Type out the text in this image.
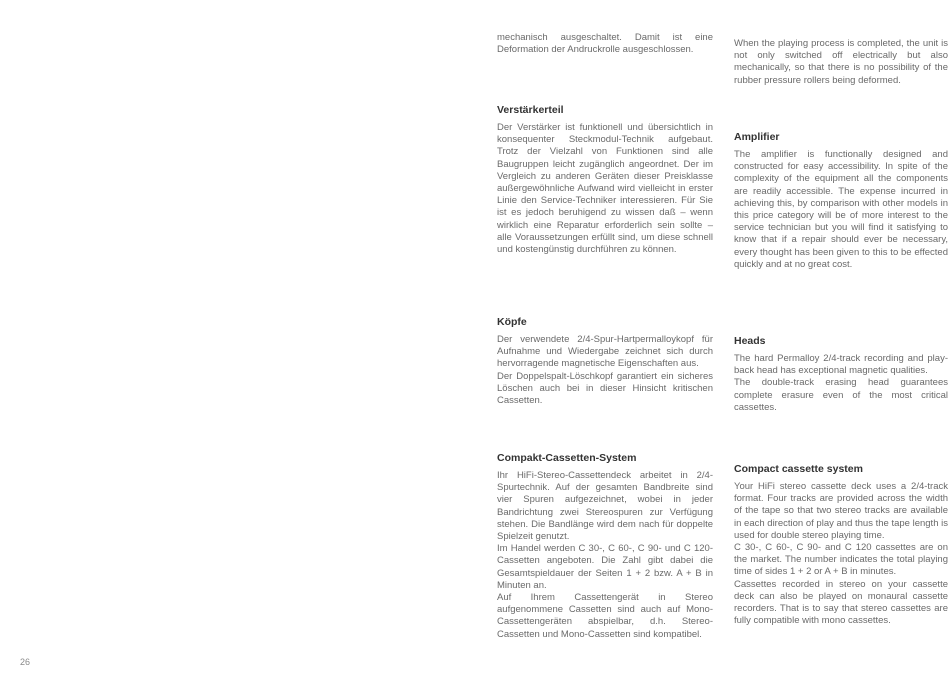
mechanisch ausgeschaltet. Damit ist eine Deformation der Andruckrolle ausgeschlossen.

Verstärkerteil

Der Verstärker ist funktionell und übersichtlich in konsequenter Steckmodul-Technik aufgebaut. Trotz der Vielzahl von Funktionen sind alle Baugruppen leicht zugänglich angeordnet. Der im Vergleich zu anderen Geräten dieser Preisklasse außergewöhnliche Aufwand wird vielleicht in erster Linie den Service-Techniker interessieren. Für Sie ist es jedoch beruhigend zu wissen daß – wenn wirklich eine Reparatur erforderlich sein sollte – alle Voraussetzungen erfüllt sind, um diese schnell und kostengünstig durchführen zu können.

Köpfe

Der verwendete 2/4-Spur-Hartpermalloykopf für Aufnahme und Wiedergabe zeichnet sich durch hervorragende magnetische Eigenschaften aus.

Der Doppelspalt-Löschkopf garantiert ein sicheres Löschen auch bei in dieser Hinsicht kritischen Cassetten.

Compakt-Cassetten-System

Ihr HiFi-Stereo-Cassettendeck arbeitet in 2/4-Spurtechnik. Auf der gesamten Bandbreite sind vier Spuren aufgezeichnet, wobei in jeder Bandrichtung zwei Stereospuren zur Verfügung stehen. Die Bandlänge wird dem nach für doppelte Spielzeit genutzt.

Im Handel werden C 30-, C 60-, C 90- und C 120-Cassetten angeboten. Die Zahl gibt dabei die Gesamtspieldauer der Seiten 1 + 2 bzw. A + B in Minuten an.

Auf Ihrem Cassettengerät in Stereo aufgenommene Cassetten sind auch auf Mono-Cassettengeräten abspielbar, d.h. Stereo-Cassetten und Mono-Cassetten sind kompatibel.

When the playing process is completed, the unit is not only switched off electrically but also mechanically, so that there is no possibility of the rubber pressure rollers being deformed.

Amplifier

The amplifier is functionally designed and constructed for easy accessibility. In spite of the complexity of the equipment all the components are readily accessible. The expense incurred in achieving this, by comparison with other models in this price category will be of more interest to the service technician but you will find it satisfying to know that if a repair should ever be necessary, every thought has been given to this to be effected quickly and at no great cost.

Heads

The hard Permalloy 2/4-track recording and play-back head has exceptional magnetic qualities.

The double-track erasing head guarantees complete erasure even of the most critical cassettes.

Compact cassette system

Your HiFi stereo cassette deck uses a 2/4-track format. Four tracks are provided across the width of the tape so that two stereo tracks are available in each direction of play and thus the tape length is used for double stereo playing time.

C 30-, C 60-, C 90- and C 120 cassettes are on the market. The number indicates the total playing time of sides 1 + 2 or A + B in minutes.

Cassettes recorded in stereo on your cassette deck can also be played on monaural cassette recorders. That is to say that stereo cassettes are fully compatible with mono cassettes.

26
